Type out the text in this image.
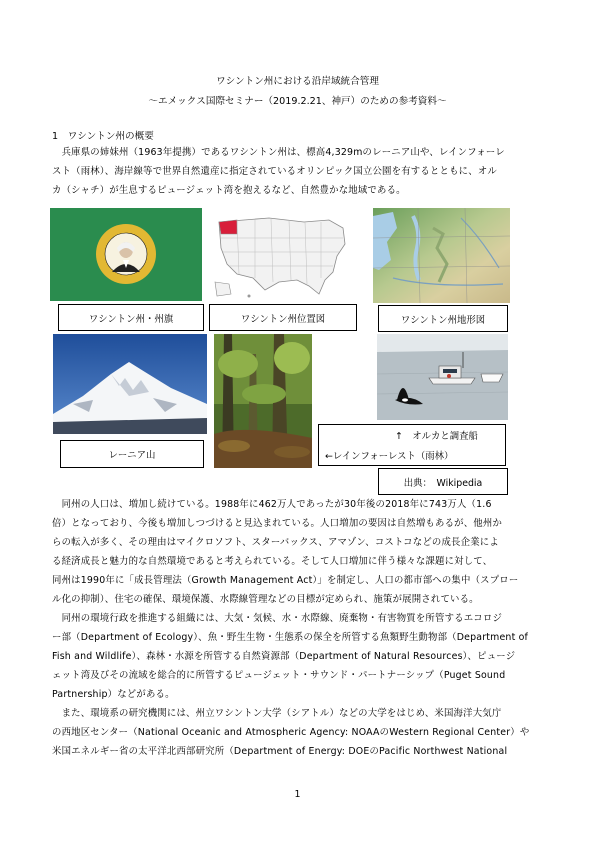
ワシントン州における沿岸域統合管理
～エメックス国際セミナー（2019.2.21、神戸）のための参考資料～
1　ワシントン州の概要
　兵庫県の姉妹州（1963年提携）であるワシントン州は、標高4,329mのレーニア山や、レインフォーレ
スト（雨林）、海岸線等で世界自然遺産に指定されているオリンピック国立公園を有するとともに、オル
カ（シャチ）が生息するピュージェット湾を抱えるなど、自然豊かな地域である。
ワシントン州・州旗	ワシントン州位置図	ワシントン州地形図
レーニア山
↑　オルカと調査船
←レインフォーレスト（雨林）
出典：　Wikipedia
　同州の人口は、増加し続けている。1988年に462万人であったが30年後の2018年に743万人（1.6
倍）となっており、今後も増加しつづけると見込まれている。人口増加の要因は自然増もあるが、他州か
らの転入が多く、その理由はマイクロソフト、スターバックス、アマゾン、コストコなどの成長企業によ
る経済成長と魅力的な自然環境であると考えられている。そして人口増加に伴う様々な課題に対して、
同州は1990年に「成長管理法（Growth Management Act）」を制定し、人口の都市部への集中（スプロー
ル化の抑制）、住宅の確保、環境保護、水際線管理などの目標が定められ、施策が展開されている。
　同州の環境行政を推進する組織には、大気・気候、水・水際線、廃棄物・有害物質を所管するエコロジ
ー部（Department of Ecology）、魚・野生生物・生態系の保全を所管する魚類野生動物部（Department of
Fish and Wildlife）、森林・水源を所管する自然資源部（Department of Natural Resources）、ピュージ
ェット湾及びその流域を総合的に所管するピュージェット・サウンド・パートナーシップ（Puget Sound
Partnership）などがある。
　また、環境系の研究機関には、州立ワシントン大学（シアトル）などの大学をはじめ、米国海洋大気庁
の西地区センター（National Oceanic and Atmospheric Agency: NOAAのWestern Regional Center）や
米国エネルギー省の太平洋北西部研究所（Department of Energy: DOEのPacific Northwest National
1
